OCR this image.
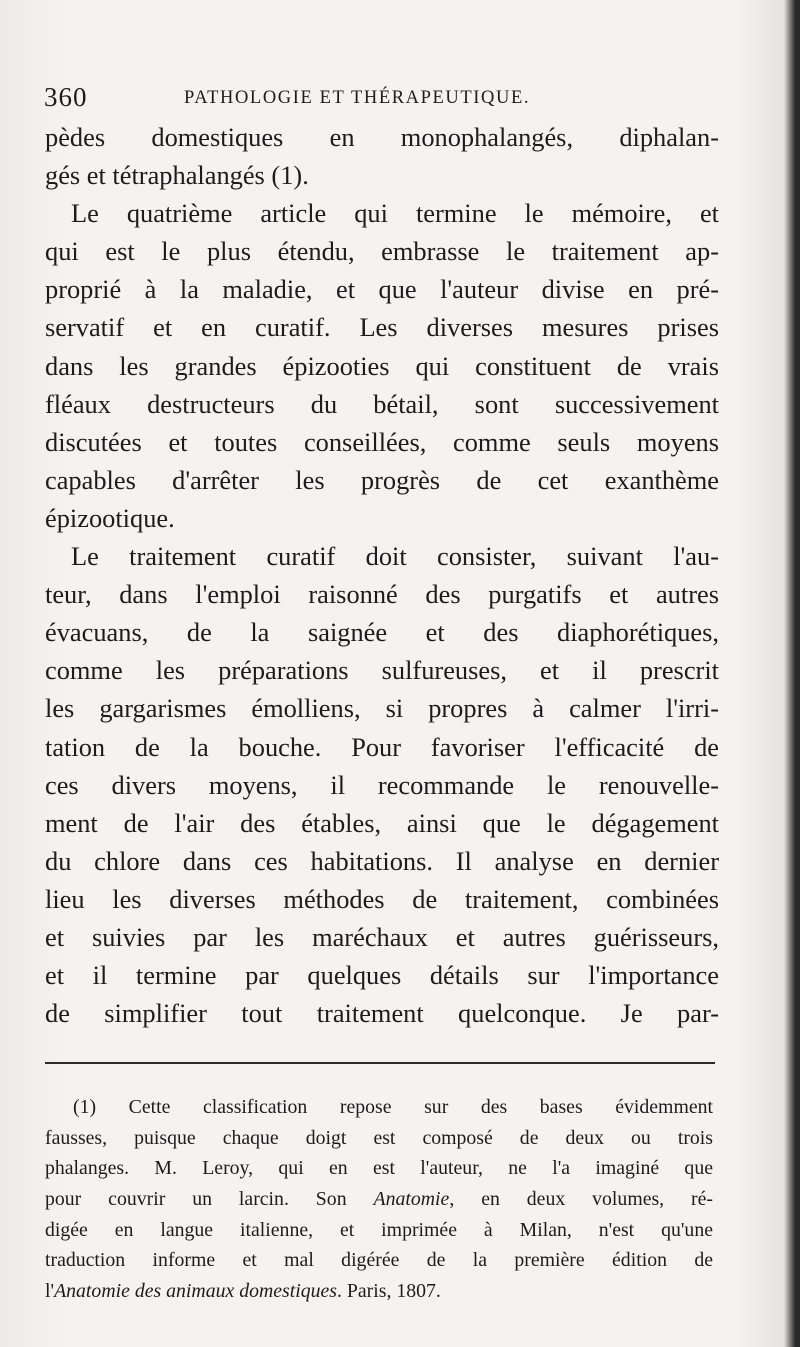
360	PATHOLOGIE ET THÉRAPEUTIQUE.
pèdes domestiques en monophalangés, diphalan-
gés et tétraphalangés (1).
Le quatrième article qui termine le mémoire, et
qui est le plus étendu, embrasse le traitement ap-
proprié à la maladie, et que l'auteur divise en pré-
servatif et en curatif. Les diverses mesures prises
dans les grandes épizooties qui constituent de vrais
fléaux destructeurs du bétail, sont successivement
discutées et toutes conseillées, comme seuls moyens
capables d'arrêter les progrès de cet exanthème
épizootique.
Le traitement curatif doit consister, suivant l'au-
teur, dans l'emploi raisonné des purgatifs et autres
évacuans, de la saignée et des diaphorétiques,
comme les préparations sulfureuses, et il prescrit
les gargarismes émolliens, si propres à calmer l'irri-
tation de la bouche. Pour favoriser l'efficacité de
ces divers moyens, il recommande le renouvelle-
ment de l'air des étables, ainsi que le dégagement
du chlore dans ces habitations. Il analyse en dernier
lieu les diverses méthodes de traitement, combinées
et suivies par les maréchaux et autres guérisseurs,
et il termine par quelques détails sur l'importance
de simplifier tout traitement quelconque. Je par-
(1) Cette classification repose sur des bases évidemment
fausses, puisque chaque doigt est composé de deux ou trois
phalanges. M. Leroy, qui en est l'auteur, ne l'a imaginé que
pour couvrir un larcin. Son Anatomie, en deux volumes, ré-
digée en langue italienne, et imprimée à Milan, n'est qu'une
traduction informe et mal digérée de la première édition de
l'Anatomie des animaux domestiques. Paris, 1807.
